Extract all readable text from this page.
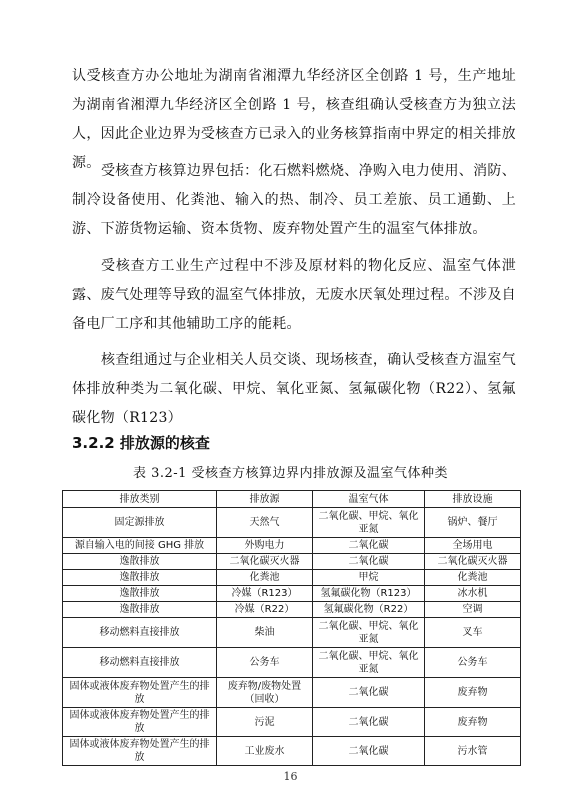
认受核查方办公地址为湖南省湘潭九华经济区全创路 1 号，生产地址为湖南省湘潭九华经济区全创路 1 号，核查组确认受核查方为独立法人，因此企业边界为受核查方已录入的业务核算指南中界定的相关排放源。 受核查方核算边界包括：化石燃料燃烧、净购入电力使用、消防、制冷设备使用、化粪池、输入的热、制冷、员工差旅、员工通勤、上游、下游货物运输、资本货物、废弃物处置产生的温室气体排放。

受核查方工业生产过程中不涉及原材料的物化反应、温室气体泄露、废气处理等导致的温室气体排放，无废水厌氧处理过程。不涉及自备电厂工序和其他辅助工序的能耗。

核查组通过与企业相关人员交谈、现场核查，确认受核查方温室气体排放种类为二氧化碳、甲烷、氧化亚氮、氢氟碳化物（R22）、氢氟碳化物（R123）

3.2.2 排放源的核查
表 3.2-1 受核查方核算边界内排放源及温室气体种类
排放类别	排放源	温室气体	排放设施
固定源排放	天然气	二氧化碳、甲烷、氧化亚氮	锅炉、餐厅
源自输入电的间接 GHG 排放	外购电力	二氧化碳	全场用电
逸散排放	二氧化碳灭火器	二氧化碳	二氧化碳灭火器
逸散排放	化粪池	甲烷	化粪池
逸散排放	冷媒（R123）	氢氟碳化物（R123）	冰水机
逸散排放	冷媒（R22）	氢氟碳化物（R22）	空调
移动燃料直接排放	柴油	二氧化碳、甲烷、氧化亚氮	叉车
移动燃料直接排放	公务车	二氧化碳、甲烷、氧化亚氮	公务车
固体或液体废弃物处置产生的排放	废弃物/废物处置（回收）	二氧化碳	废弃物
固体或液体废弃物处置产生的排放	污泥	二氧化碳	废弃物
固体或液体废弃物处置产生的排放	工业废水	二氧化碳	污水管
16
